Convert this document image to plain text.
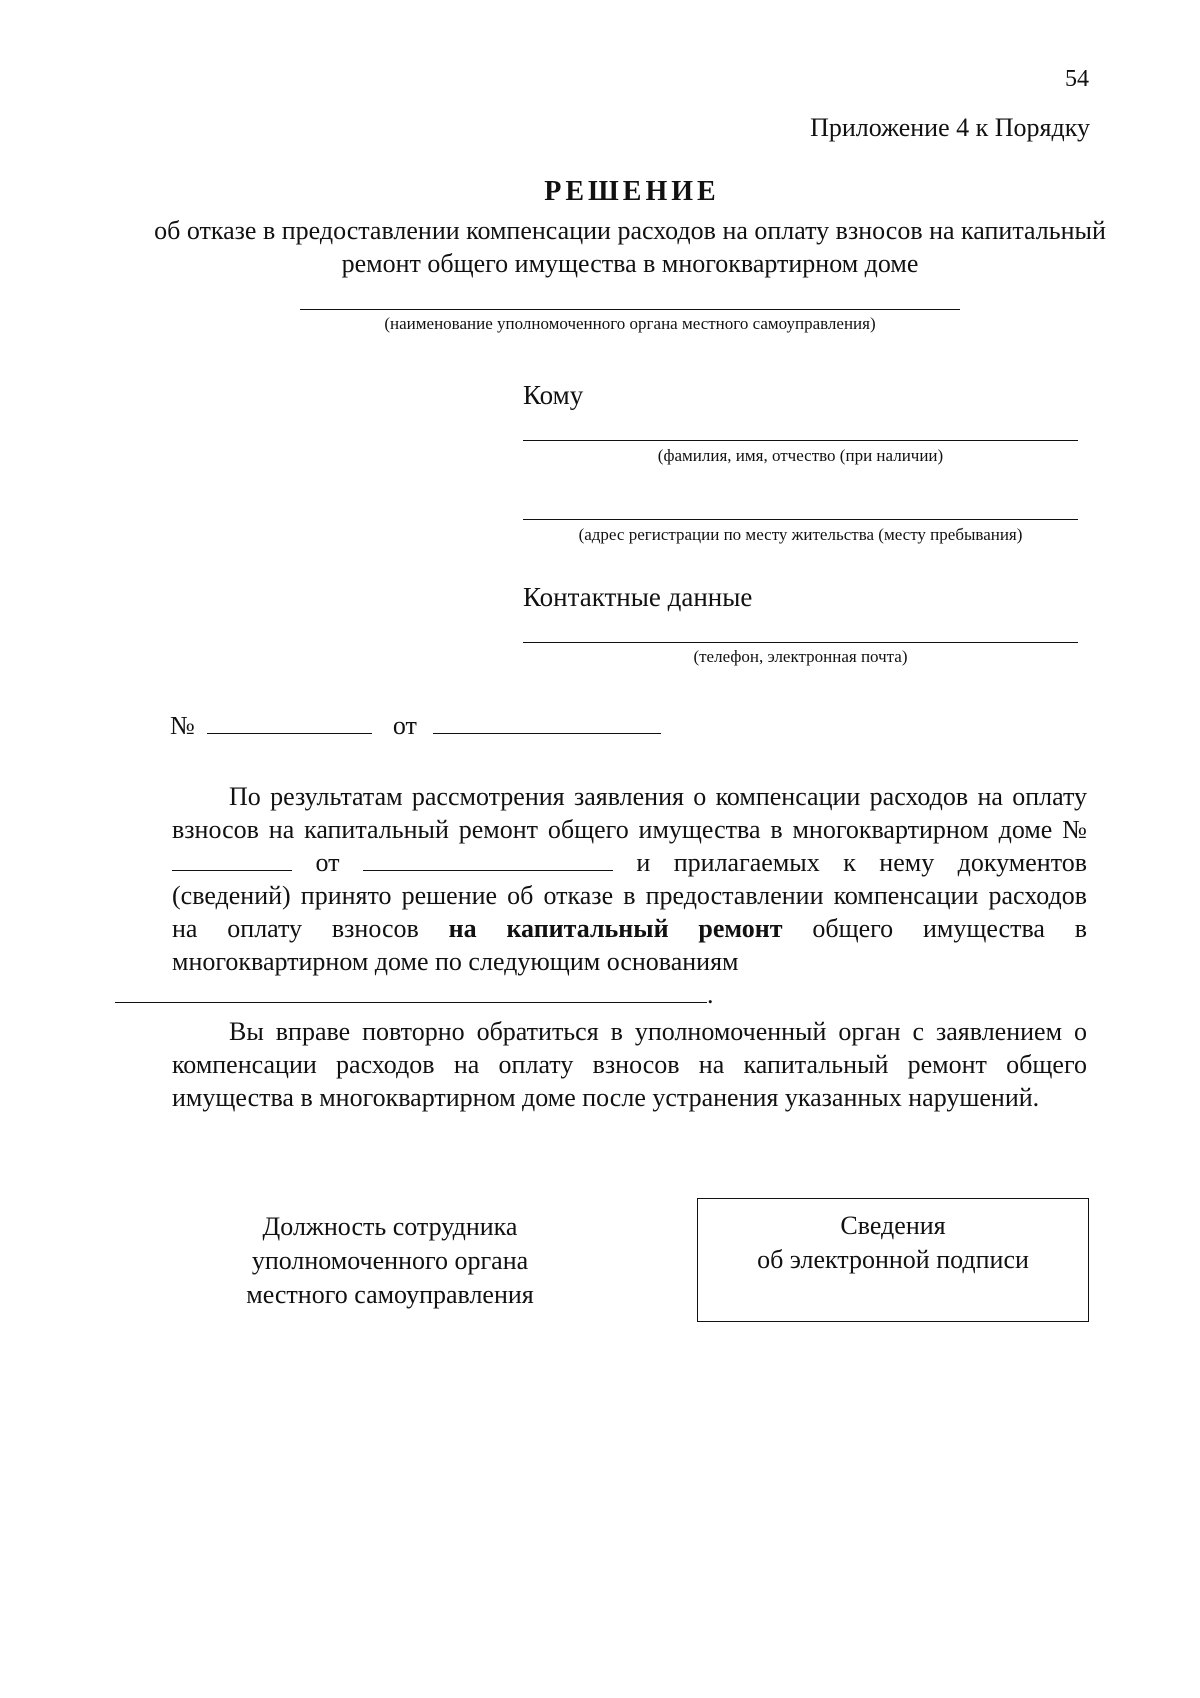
54
Приложение 4 к Порядку
РЕШЕНИЕ
об отказе в предоставлении компенсации расходов на оплату взносов на капитальный ремонт общего имущества в многоквартирном доме
(наименование уполномоченного органа местного самоуправления)
Кому
(фамилия, имя, отчество (при наличии)
(адрес регистрации по месту жительства (месту пребывания)
Контактные данные
(телефон, электронная почта)
№	от

По результатам рассмотрения заявления о компенсации расходов на оплату взносов на капитальный ремонт общего имущества в многоквартирном доме №  от	и прилагаемых к нему документов (сведений) принято решение об отказе в предоставлении компенсации расходов на оплату взносов на капитальный ремонт общего имущества в многоквартирном доме по следующим основаниям
.

Вы вправе повторно обратиться в уполномоченный орган с заявлением о компенсации расходов на оплату взносов на капитальный ремонт общего имущества в многоквартирном доме после устранения указанных нарушений.

Должность сотрудника
уполномоченного органа
местного самоуправления
Сведения
об электронной подписи
